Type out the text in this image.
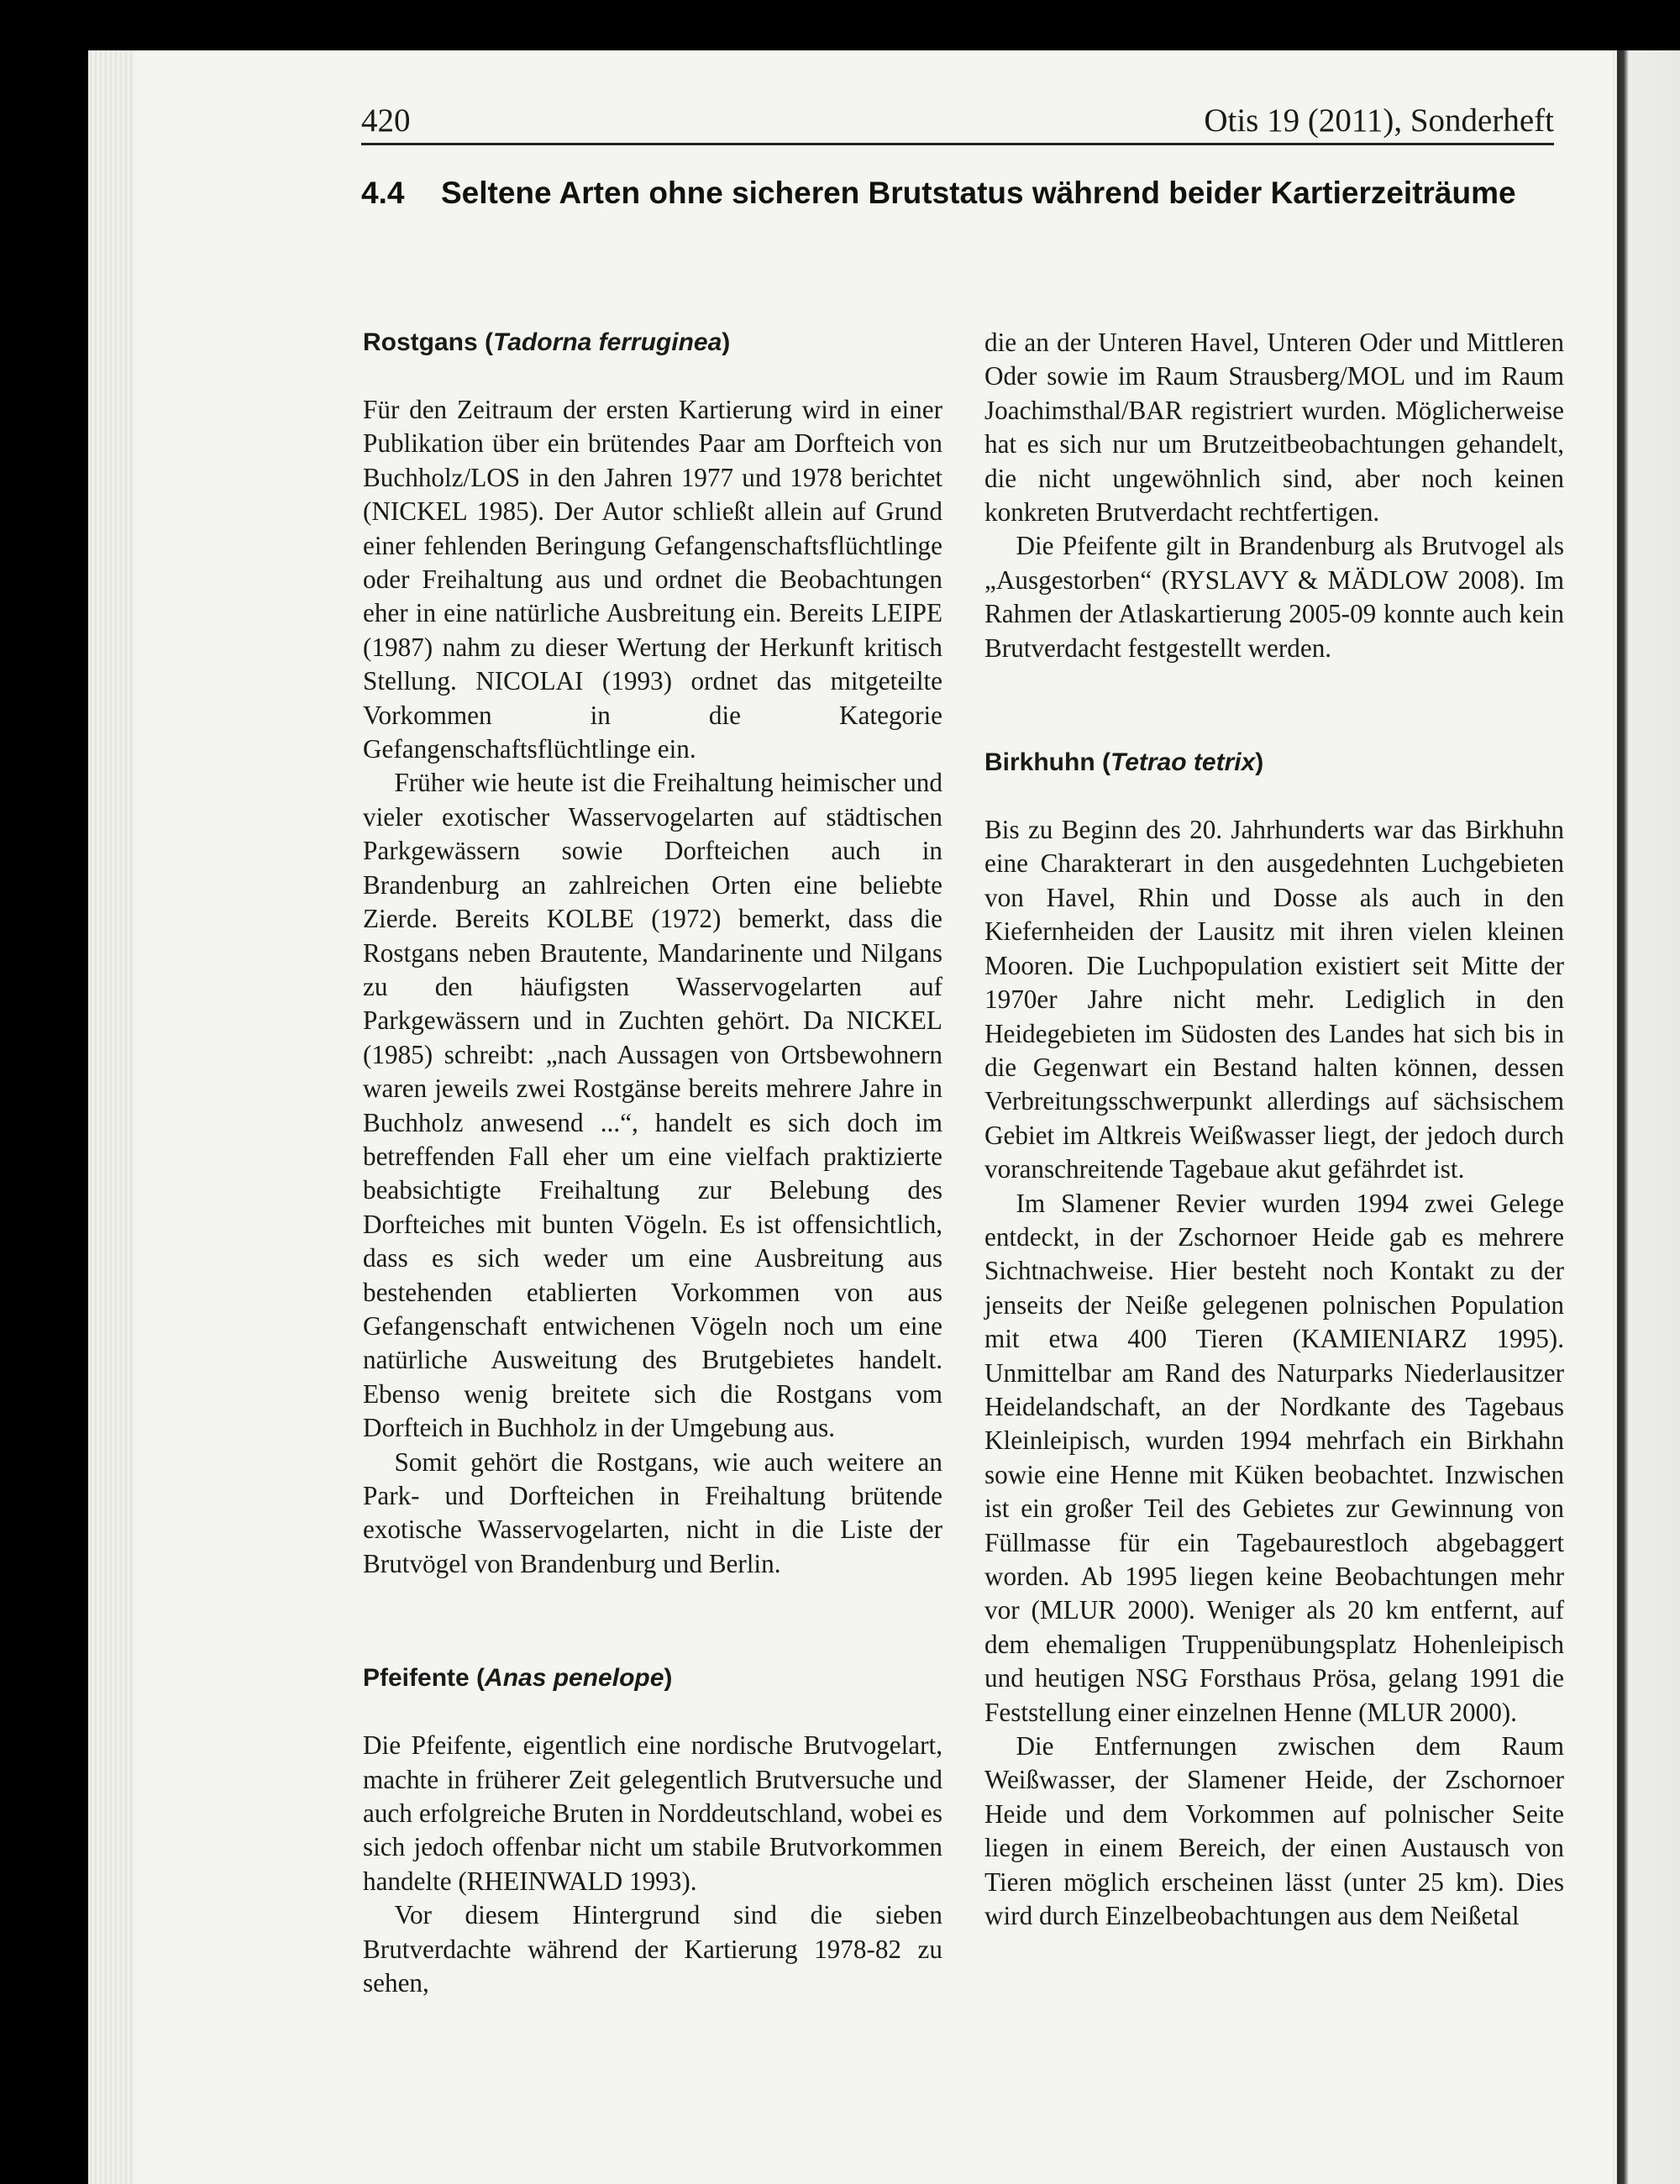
420	Otis 19 (2011), Sonderheft
4.4 Seltene Arten ohne sicheren Brutstatus während beider Kartierzeiträume
Rostgans (Tadorna ferruginea)

Für den Zeitraum der ersten Kartierung wird in einer Publikation über ein brütendes Paar am Dorfteich von Buchholz/LOS in den Jahren 1977 und 1978 berichtet (NICKEL 1985). Der Autor schließt allein auf Grund einer fehlenden Beringung Gefangenschaftsflüchtlinge oder Freihaltung aus und ordnet die Beobachtungen eher in eine natürliche Ausbreitung ein. Bereits LEIPE (1987) nahm zu dieser Wertung der Herkunft kritisch Stellung. NICOLAI (1993) ordnet das mitgeteilte Vorkommen in die Kategorie Gefangenschaftsflüchtlinge ein.

Früher wie heute ist die Freihaltung heimischer und vieler exotischer Wasservogelarten auf städtischen Parkgewässern sowie Dorfteichen auch in Brandenburg an zahlreichen Orten eine beliebte Zierde. Bereits KOLBE (1972) bemerkt, dass die Rostgans neben Brautente, Mandarinente und Nilgans zu den häufigsten Wasservogelarten auf Parkgewässern und in Zuchten gehört. Da NICKEL (1985) schreibt: „nach Aussagen von Ortsbewohnern waren jeweils zwei Rostgänse bereits mehrere Jahre in Buchholz anwesend ...“, handelt es sich doch im betreffenden Fall eher um eine vielfach praktizierte beabsichtigte Freihaltung zur Belebung des Dorfteiches mit bunten Vögeln. Es ist offensichtlich, dass es sich weder um eine Ausbreitung aus bestehenden etablierten Vorkommen von aus Gefangenschaft entwichenen Vögeln noch um eine natürliche Ausweitung des Brutgebietes handelt. Ebenso wenig breitete sich die Rostgans vom Dorfteich in Buchholz in der Umgebung aus.

Somit gehört die Rostgans, wie auch weitere an Park- und Dorfteichen in Freihaltung brütende exotische Wasservogelarten, nicht in die Liste der Brutvögel von Brandenburg und Berlin.

Pfeifente (Anas penelope)

Die Pfeifente, eigentlich eine nordische Brutvogelart, machte in früherer Zeit gelegentlich Brutversuche und auch erfolgreiche Bruten in Norddeutschland, wobei es sich jedoch offenbar nicht um stabile Brutvorkommen handelte (RHEINWALD 1993).

Vor diesem Hintergrund sind die sieben Brutverdachte während der Kartierung 1978-82 zu sehen,

die an der Unteren Havel, Unteren Oder und Mittleren Oder sowie im Raum Strausberg/MOL und im Raum Joachimsthal/BAR registriert wurden. Möglicherweise hat es sich nur um Brutzeitbeobachtungen gehandelt, die nicht ungewöhnlich sind, aber noch keinen konkreten Brutverdacht rechtfertigen.

Die Pfeifente gilt in Brandenburg als Brutvogel als „Ausgestorben“ (RYSLAVY & MÄDLOW 2008). Im Rahmen der Atlaskartierung 2005-09 konnte auch kein Brutverdacht festgestellt werden.

Birkhuhn (Tetrao tetrix)

Bis zu Beginn des 20. Jahrhunderts war das Birkhuhn eine Charakterart in den ausgedehnten Luchgebieten von Havel, Rhin und Dosse als auch in den Kiefernheiden der Lausitz mit ihren vielen kleinen Mooren. Die Luchpopulation existiert seit Mitte der 1970er Jahre nicht mehr. Lediglich in den Heidegebieten im Südosten des Landes hat sich bis in die Gegenwart ein Bestand halten können, dessen Verbreitungsschwerpunkt allerdings auf sächsischem Gebiet im Altkreis Weißwasser liegt, der jedoch durch voranschreitende Tagebaue akut gefährdet ist.

Im Slamener Revier wurden 1994 zwei Gelege entdeckt, in der Zschornoer Heide gab es mehrere Sichtnachweise. Hier besteht noch Kontakt zu der jenseits der Neiße gelegenen polnischen Population mit etwa 400 Tieren (KAMIENIARZ 1995). Unmittelbar am Rand des Naturparks Niederlausitzer Heidelandschaft, an der Nordkante des Tagebaus Kleinleipisch, wurden 1994 mehrfach ein Birkhahn sowie eine Henne mit Küken beobachtet. Inzwischen ist ein großer Teil des Gebietes zur Gewinnung von Füllmasse für ein Tagebaurestloch abgebaggert worden. Ab 1995 liegen keine Beobachtungen mehr vor (MLUR 2000). Weniger als 20 km entfernt, auf dem ehemaligen Truppenübungsplatz Hohenleipisch und heutigen NSG Forsthaus Prösa, gelang 1991 die Feststellung einer einzelnen Henne (MLUR 2000).

Die Entfernungen zwischen dem Raum Weißwasser, der Slamener Heide, der Zschornoer Heide und dem Vorkommen auf polnischer Seite liegen in einem Bereich, der einen Austausch von Tieren möglich erscheinen lässt (unter 25 km). Dies wird durch Einzelbeobachtungen aus dem Neißetal
